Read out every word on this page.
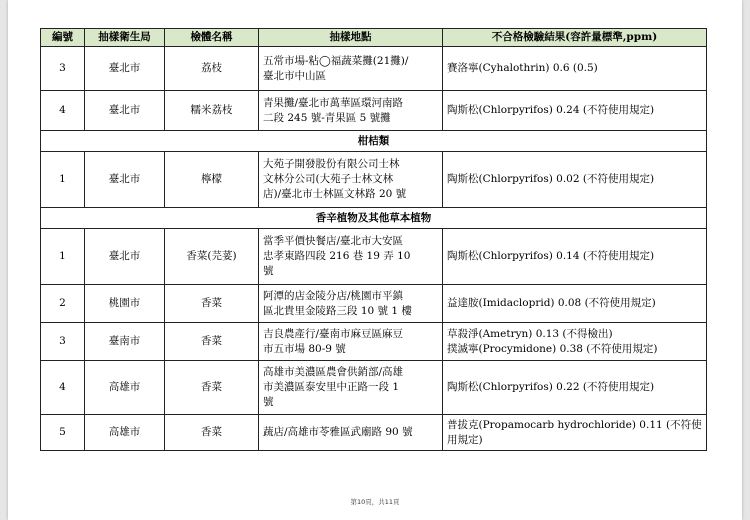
編號	抽樣衛生局	檢體名稱	抽樣地點	不合格檢驗結果(容許量標準,ppm)
3	臺北市	荔枝	五常市場-粘◯福蔬菜攤(21攤)/
臺北市中山區	賽洛寧(Cyhalothrin) 0.6 (0.5)

4	臺北市	糯米荔枝	青果攤/臺北市萬華區環河南路
二段 245 號-青果區 5 號攤	陶斯松(Chlorpyrifos) 0.24 (不符使用規定)

柑桔類				
1	臺北市	檸檬	大苑子開發股份有限公司士林
文林分公司(大苑子士林文林
店)/臺北市士林區文林路 20 號	陶斯松(Chlorpyrifos) 0.02 (不符使用規定)

香辛植物及其他草本植物				
1	臺北市	香菜(芫荽)	當季平價快餐店/臺北市大安區
忠孝東路四段 216 巷 19 弄 10
號	陶斯松(Chlorpyrifos) 0.14 (不符使用規定)

2	桃園市	香菜	阿潭的店金陵分店/桃園市平鎮
區北貴里金陵路三段 10 號 1 樓	益達胺(Imidacloprid) 0.08 (不符使用規定)

3	臺南市	香菜	吉良農產行/臺南市麻豆區麻豆
市五市場 80-9 號	草殺淨(Ametryn) 0.13 (不得檢出)
撲滅寧(Procymidone) 0.38 (不符使用規定)

4	高雄市	香菜	高雄市美濃區農會供銷部/高雄
市美濃區泰安里中正路一段 1
號	陶斯松(Chlorpyrifos) 0.22 (不符使用規定)

5	高雄市	香菜	蔬店/高雄市苓雅區武廟路 90 號	普拔克(Propamocarb hydrochloride) 0.11 (不符使
用規定)
第10頁，共11頁
